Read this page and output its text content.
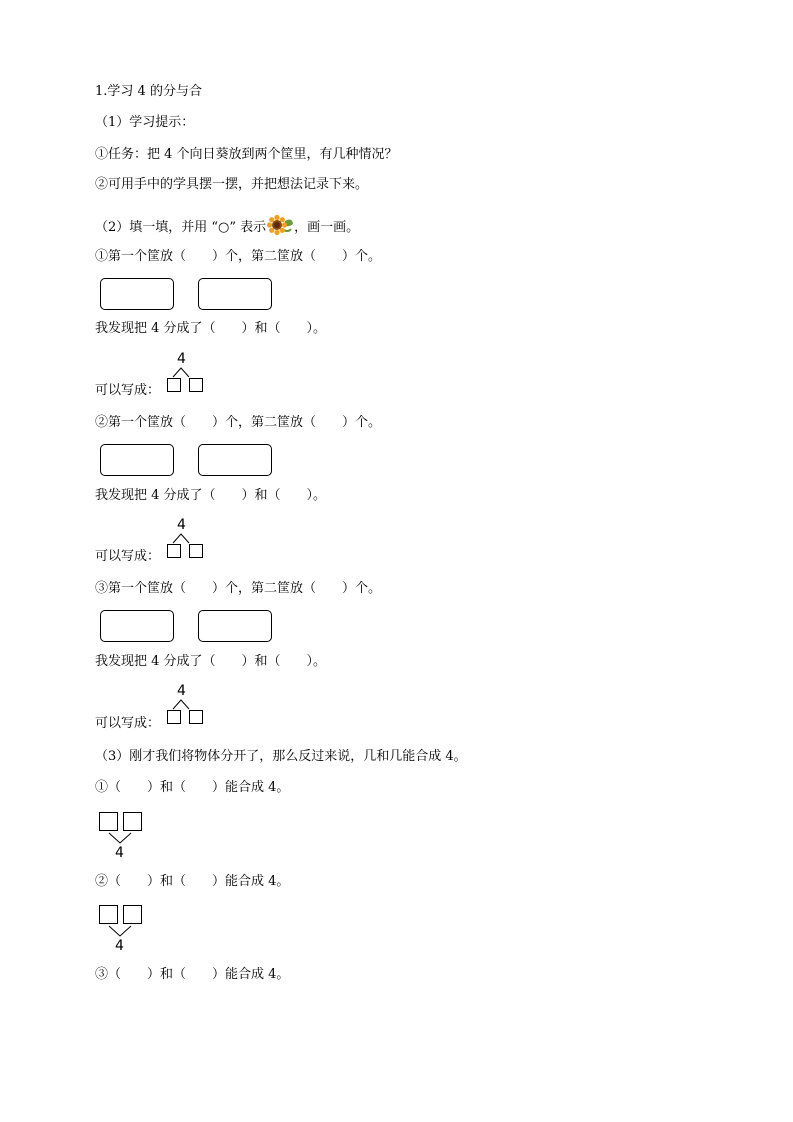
1.学习 4 的分与合
（1）学习提示：
①任务：把 4 个向日葵放到两个筐里，有几种情况？
②可用手中的学具摆一摆，并把想法记录下来。
（2）填一填，并用 “○” 表示 ，画一画。
①第一个筐放（　　）个，第二筐放（　　）个。
我发现把 4 分成了（　　）和（　　）。
可以写成：
4
②第一个筐放（　　）个，第二筐放（　　）个。
我发现把 4 分成了（　　）和（　　）。
可以写成：
4
③第一个筐放（　　）个，第二筐放（　　）个。
我发现把 4 分成了（　　）和（　　）。
可以写成：
4
（3）刚才我们将物体分开了，那么反过来说，几和几能合成 4。
①（　　）和（　　）能合成 4。
4
②（　　）和（　　）能合成 4。
4
③（　　）和（　　）能合成 4。
